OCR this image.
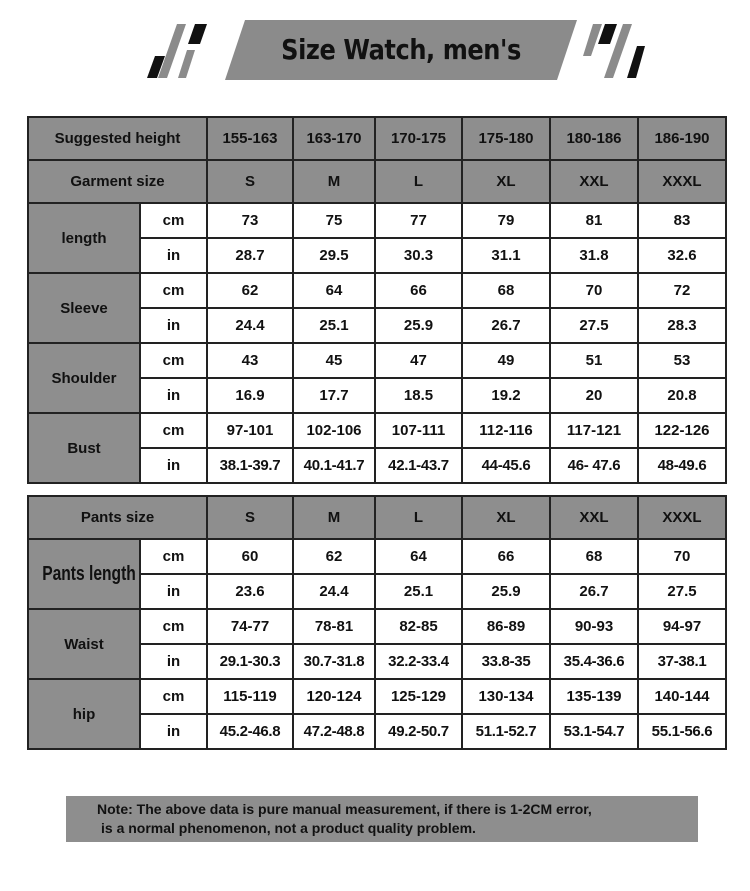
Size Watch, men's
Suggested height		155-163	163-170	170-175	175-180	180-186	186-190
Garment size		S	M	L	XL	XXL	XXXL
length	cm	73	75	77	79	81	83
	in	28.7	29.5	30.3	31.1	31.8	32.6
Sleeve	cm	62	64	66	68	70	72
	in	24.4	25.1	25.9	26.7	27.5	28.3
Shoulder	cm	43	45	47	49	51	53
	in	16.9	17.7	18.5	19.2	20	20.8
Bust	cm	97-101	102-106	107-111	112-116	117-121	122-126
	in	38.1-39.7	40.1-41.7	42.1-43.7	44-45.6	46- 47.6	48-49.6
Pants size		S	M	L	XL	XXL	XXXL
Pants length	cm	60	62	64	66	68	70
	in	23.6	24.4	25.1	25.9	26.7	27.5
Waist	cm	74-77	78-81	82-85	86-89	90-93	94-97
	in	29.1-30.3	30.7-31.8	32.2-33.4	33.8-35	35.4-36.6	37-38.1
hip	cm	115-119	120-124	125-129	130-134	135-139	140-144
	in	45.2-46.8	47.2-48.8	49.2-50.7	51.1-52.7	53.1-54.7	55.1-56.6
Note: The above data is pure manual measurement, if there is 1-2CM error,
is a normal phenomenon, not a product quality problem.
